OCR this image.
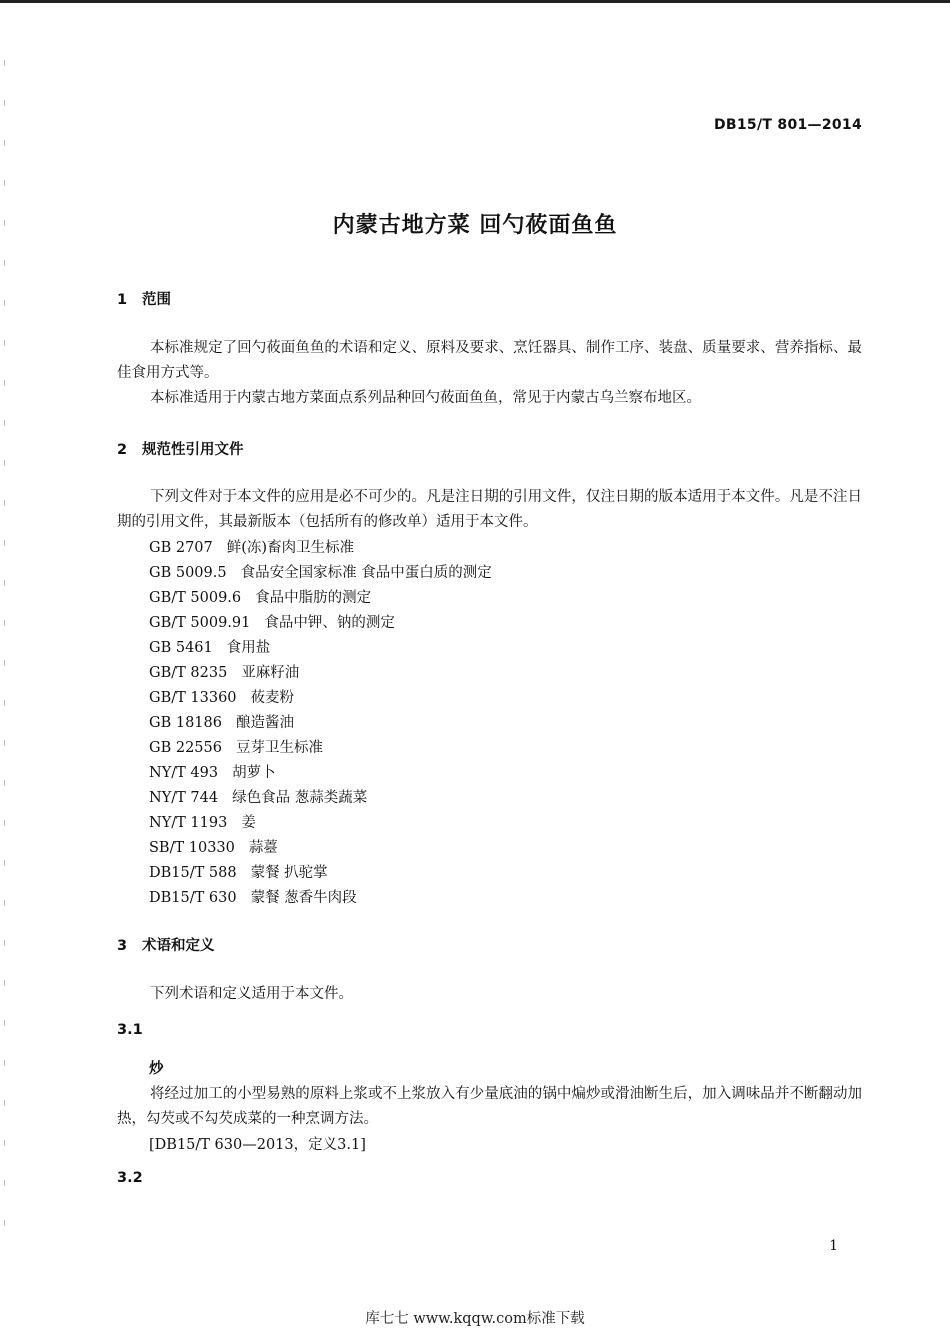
DB15/T 801—2014
内蒙古地方菜 回勺莜面鱼鱼
1 范围
本标准规定了回勺莜面鱼鱼的术语和定义、原料及要求、烹饪器具、制作工序、装盘、质量要求、营养指标、最佳食用方式等。
本标准适用于内蒙古地方菜面点系列品种回勺莜面鱼鱼，常见于内蒙古乌兰察布地区。
2 规范性引用文件
下列文件对于本文件的应用是必不可少的。凡是注日期的引用文件，仅注日期的版本适用于本文件。凡是不注日期的引用文件，其最新版本（包括所有的修改单）适用于本文件。
GB 2707 鲜(冻)畜肉卫生标准
GB 5009.5 食品安全国家标准 食品中蛋白质的测定
GB/T 5009.6 食品中脂肪的测定
GB/T 5009.91 食品中钾、钠的测定
GB 5461 食用盐
GB/T 8235 亚麻籽油
GB/T 13360 莜麦粉
GB 18186 酿造酱油
GB 22556 豆芽卫生标准
NY/T 493 胡萝卜
NY/T 744 绿色食品 葱蒜类蔬菜
NY/T 1193 姜
SB/T 10330 蒜薹
DB15/T 588 蒙餐 扒驼掌
DB15/T 630 蒙餐 葱香牛肉段
3 术语和定义
下列术语和定义适用于本文件。
3.1
炒
将经过加工的小型易熟的原料上浆或不上浆放入有少量底油的锅中煸炒或滑油断生后，加入调味品并不断翻动加热，勾芡或不勾芡成菜的一种烹调方法。
[DB15/T 630—2013，定义3.1]
3.2
1
库七七 www.kqqw.com标准下载
